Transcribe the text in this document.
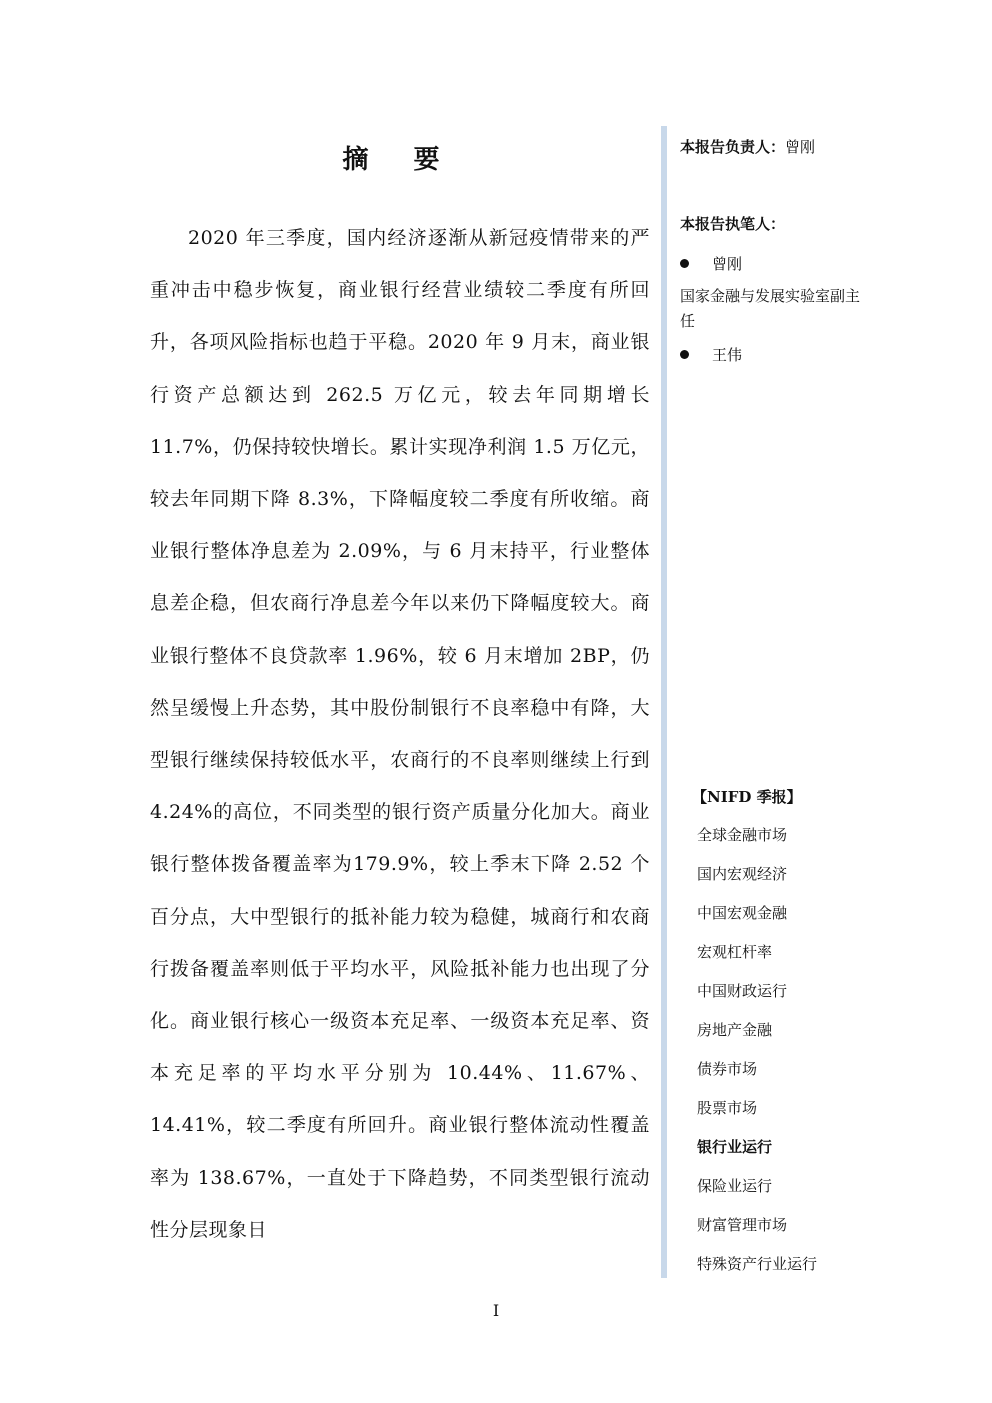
摘 要

2020 年三季度，国内经济逐渐从新冠疫情带来的严重冲击中稳步恢复，商业银行经营业绩较二季度有所回升，各项风险指标也趋于平稳。2020 年 9 月末，商业银行资产总额达到 262.5 万亿元，较去年同期增长 11.7%，仍保持较快增长。累计实现净利润 1.5 万亿元，较去年同期下降 8.3%，下降幅度较二季度有所收缩。商业银行整体净息差为 2.09%，与 6 月末持平，行业整体息差企稳，但农商行净息差今年以来仍下降幅度较大。商业银行整体不良贷款率 1.96%，较 6 月末增加 2BP，仍然呈缓慢上升态势，其中股份制银行不良率稳中有降，大型银行继续保持较低水平，农商行的不良率则继续上行到 4.24%的高位，不同类型的银行资产质量分化加大。商业银行整体拨备覆盖率为179.9%，较上季末下降 2.52 个百分点，大中型银行的抵补能力较为稳健，城商行和农商行拨备覆盖率则低于平均水平，风险抵补能力也出现了分化。商业银行核心一级资本充足率、一级资本充足率、资本充足率的平均水平分别为 10.44%、11.67%、14.41%，较二季度有所回升。商业银行整体流动性覆盖率为 138.67%，一直处于下降趋势，不同类型银行流动性分层现象日

本报告负责人：曾刚
本报告执笔人：
曾刚
国家金融与发展实验室副主任
王伟
【NIFD 季报】
全球金融市场
国内宏观经济
中国宏观金融
宏观杠杆率
中国财政运行
房地产金融
债券市场
股票市场
银行业运行
保险业运行
财富管理市场
特殊资产行业运行
I
